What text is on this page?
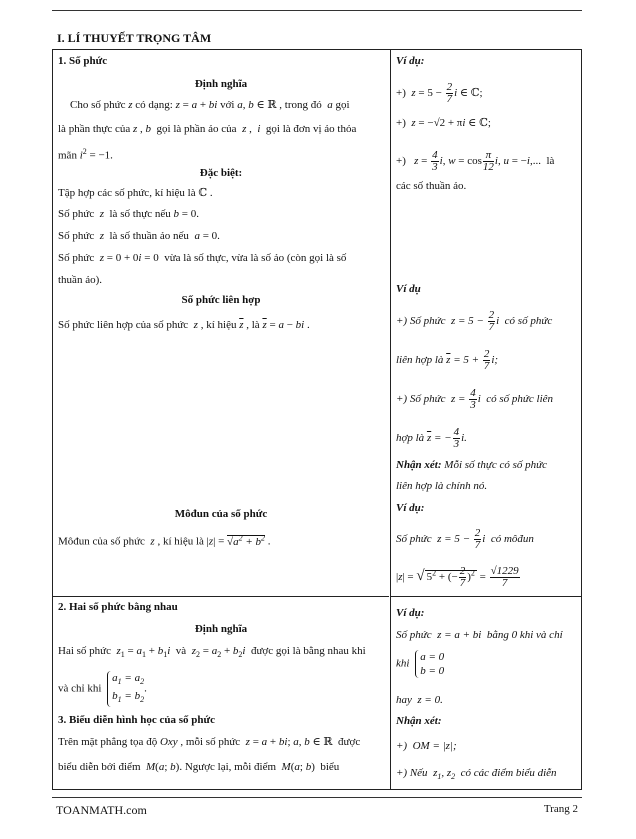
I. LÍ THUYẾT TRỌNG TÂM
1. Số phức
Định nghĩa
Cho số phức z có dạng: z = a + bi với a, b ∈ ℝ , trong đó  a gọi
là phần thực của z , b  gọi là phần ảo của  z ,  i  gọi là đơn vị ảo thỏa
mãn $i^2 = -1$.
Đặc biệt:
Tập hợp các số phức, kí hiệu là ℂ .
Số phức  z  là số thực nếu b = 0.
Số phức  z  là số thuần ảo nếu  a = 0.
Số phức  z = 0 + 0i = 0  vừa là số thực, vừa là số ảo (còn gọi là số
thuần ảo).
Số phức liên hợp
Số phức liên hợp của số phức  z , kí hiệu $\overline{z}$ , là $\overline{z} = a$ − bi .
Môđun của số phức
Môđun của số phức  z , kí hiệu là $|z| = √a^2 + b^2$ .
2. Hai số phức bằng nhau
Định nghĩa
Hai số phức  $z_1 = a_1 + b_1i$  và  $z_2 = a_2 + b_2i$  được gọi là bằng nhau khi
và chỉ khi
$a_1 = a_2$
$b_1 = b_2$
.
3. Biểu diễn hình học của số phức
Trên mặt phẳng tọa độ Oxy , mỗi số phức  z = a + bi; a, b ∈ ℝ  được
biểu diễn bởi điểm  M(a; b). Ngược lại, mỗi điểm  M(a; b)  biểu
Ví dụ:
+)  $z = 5 - \frac{2}{7}$ i ∈ ℂ;
+)  z = −√2 + πi ∈ ℂ;
+)   $z = \frac{4}{3} i$, $w = \cos \frac{\pi}{12} i$, u = −i,...  là
các số thuần ảo.
Ví dụ
+) Số phức  $z = 5 - \frac{2}{7}$ i  có số phức
liên hợp là $\overline{z} = 5 + \frac{2}{7} i$;
+) Số phức  $z = \frac{4}{3}$ i  có số phức liên
hợp là $\overline{z}$ = − $\frac{4}{3} i$.
Nhận xét: Mỗi số thực có số phức
liên hợp là chính nó.
Ví dụ:
Số phức  $z = 5 - \frac{2}{7}$ i  có môđun
|z| = √ $5^2$ + (− $\frac{2}{7} )^2 = \frac{√1229}{7}$
Ví dụ:
Số phức  z = a + bi  bằng 0 khi và chỉ
khi
a = 0
b = 0
hay  z = 0.
Nhận xét:
+)  OM = |z|;
+) Nếu  $z_1$, $z_2$  có các điểm biểu diễn
TOANMATH.com	Trang 2
